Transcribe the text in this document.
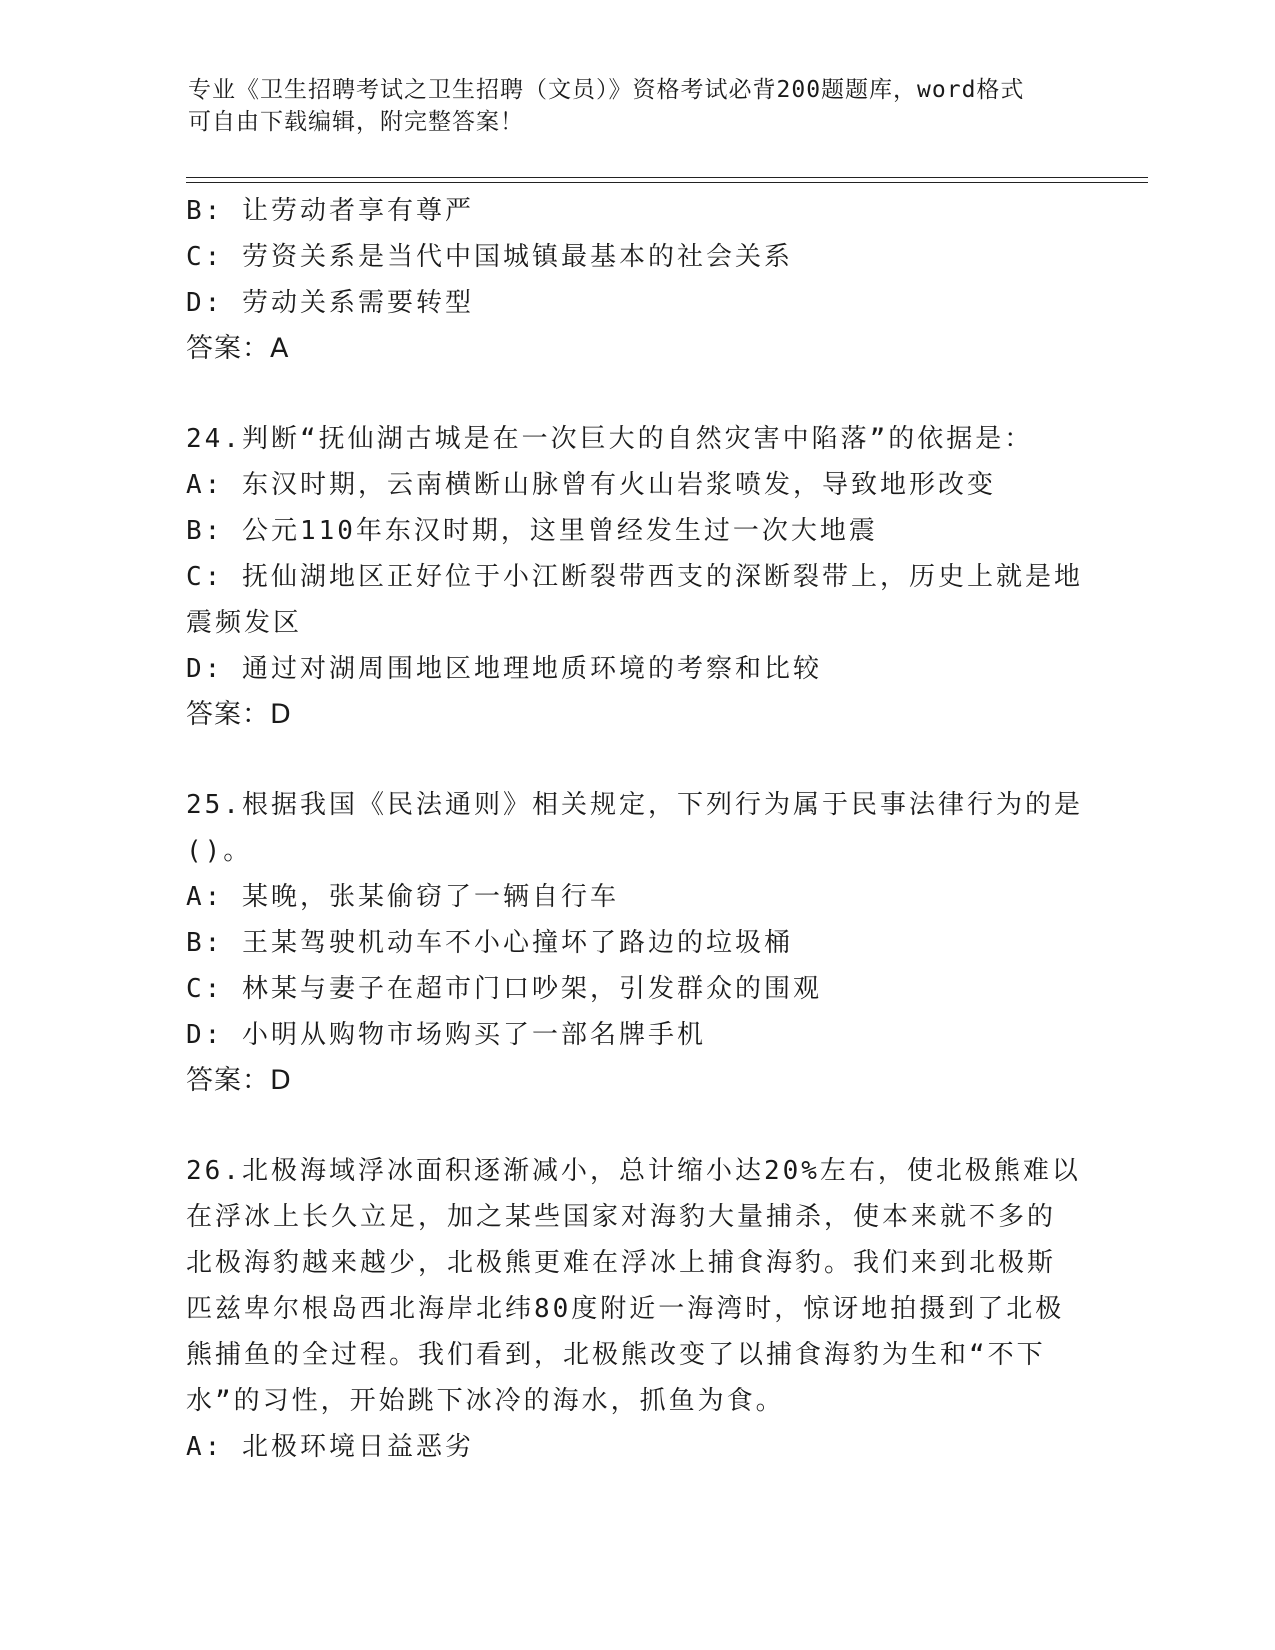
专业《卫生招聘考试之卫生招聘（文员）》资格考试必背200题题库，word格式
可自由下载编辑，附完整答案！

B: 让劳动者享有尊严

C: 劳资关系是当代中国城镇最基本的社会关系

D: 劳动关系需要转型

答案：A

24.判断“抚仙湖古城是在一次巨大的自然灾害中陷落”的依据是：

A: 东汉时期，云南横断山脉曾有火山岩浆喷发，导致地形改变

B: 公元110年东汉时期，这里曾经发生过一次大地震

C: 抚仙湖地区正好位于小江断裂带西支的深断裂带上，历史上就是地

震频发区

D: 通过对湖周围地区地理地质环境的考察和比较

答案：D

25.根据我国《民法通则》相关规定，下列行为属于民事法律行为的是

()。

A: 某晚，张某偷窃了一辆自行车

B: 王某驾驶机动车不小心撞坏了路边的垃圾桶

C: 林某与妻子在超市门口吵架，引发群众的围观

D: 小明从购物市场购买了一部名牌手机

答案：D

26.北极海域浮冰面积逐渐减小，总计缩小达20%左右，使北极熊难以

在浮冰上长久立足，加之某些国家对海豹大量捕杀，使本来就不多的

北极海豹越来越少，北极熊更难在浮冰上捕食海豹。我们来到北极斯

匹兹卑尔根岛西北海岸北纬80度附近一海湾时，惊讶地拍摄到了北极

熊捕鱼的全过程。我们看到，北极熊改变了以捕食海豹为生和“不下

水”的习性，开始跳下冰冷的海水，抓鱼为食。

A: 北极环境日益恶劣
